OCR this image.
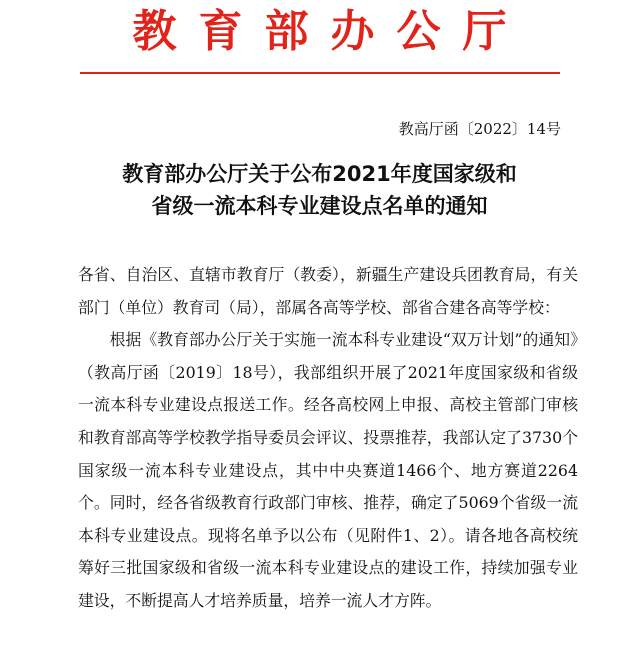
教育部办公厅
教高厅函〔2022〕14号
教育部办公厅关于公布2021年度国家级和
省级一流本科专业建设点名单的通知

各省、自治区、直辖市教育厅（教委），新疆生产建设兵团教育局，有关部门（单位）教育司（局），部属各高等学校、部省合建各高等学校：

根据《教育部办公厅关于实施一流本科专业建设“双万计划”的通知》（教高厅函〔2019〕18号），我部组织开展了2021年度国家级和省级一流本科专业建设点报送工作。经各高校网上申报、高校主管部门审核和教育部高等学校教学指导委员会评议、投票推荐，我部认定了3730个国家级一流本科专业建设点，其中中央赛道1466个、地方赛道2264个。同时，经各省级教育行政部门审核、推荐，确定了5069个省级一流本科专业建设点。现将名单予以公布（见附件1、2）。请各地各高校统筹好三批国家级和省级一流本科专业建设点的建设工作，持续加强专业建设，不断提高人才培养质量，培养一流人才方阵。
